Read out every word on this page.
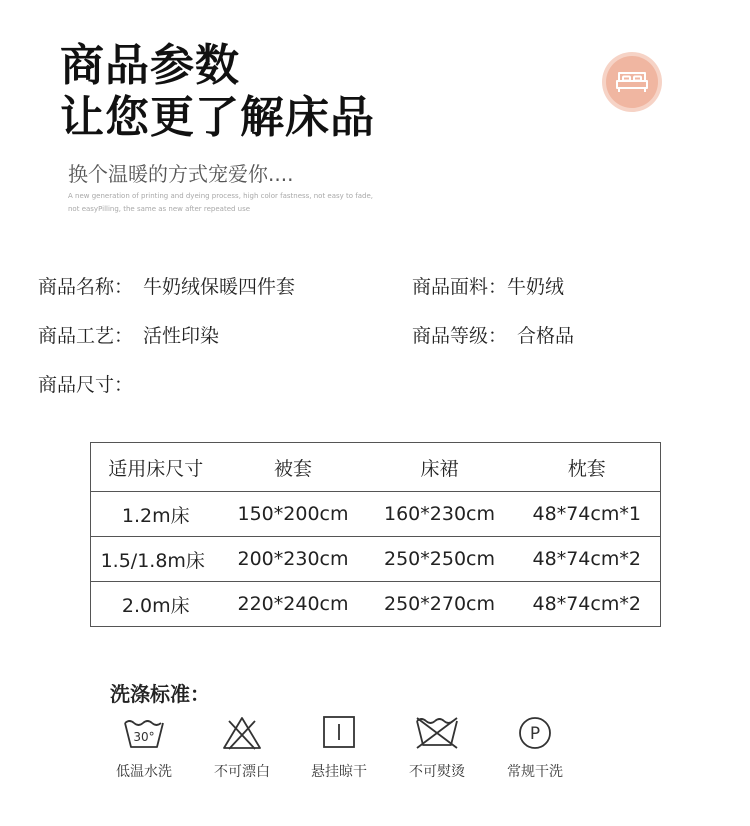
商品参数
让您更了解床品
换个温暖的方式宠爱你....
A new generation of printing and dyeing process, high color fastness, not easy to fade,
not easyPilling, the same as new after repeated use
商品名称： 牛奶绒保暖四件套	商品面料：牛奶绒
商品工艺： 活性印染	商品等级： 合格品
商品尺寸：
适用床尺寸	被套	床裙	枕套
1.2m床	150*200cm	160*230cm	48*74cm*1
1.5/1.8m床	200*230cm	250*250cm	48*74cm*2
2.0m床	220*240cm	250*270cm	48*74cm*2
洗涤标准：
30°
低温水洗	不可漂白	悬挂晾干	不可熨烫
P
常规干洗
